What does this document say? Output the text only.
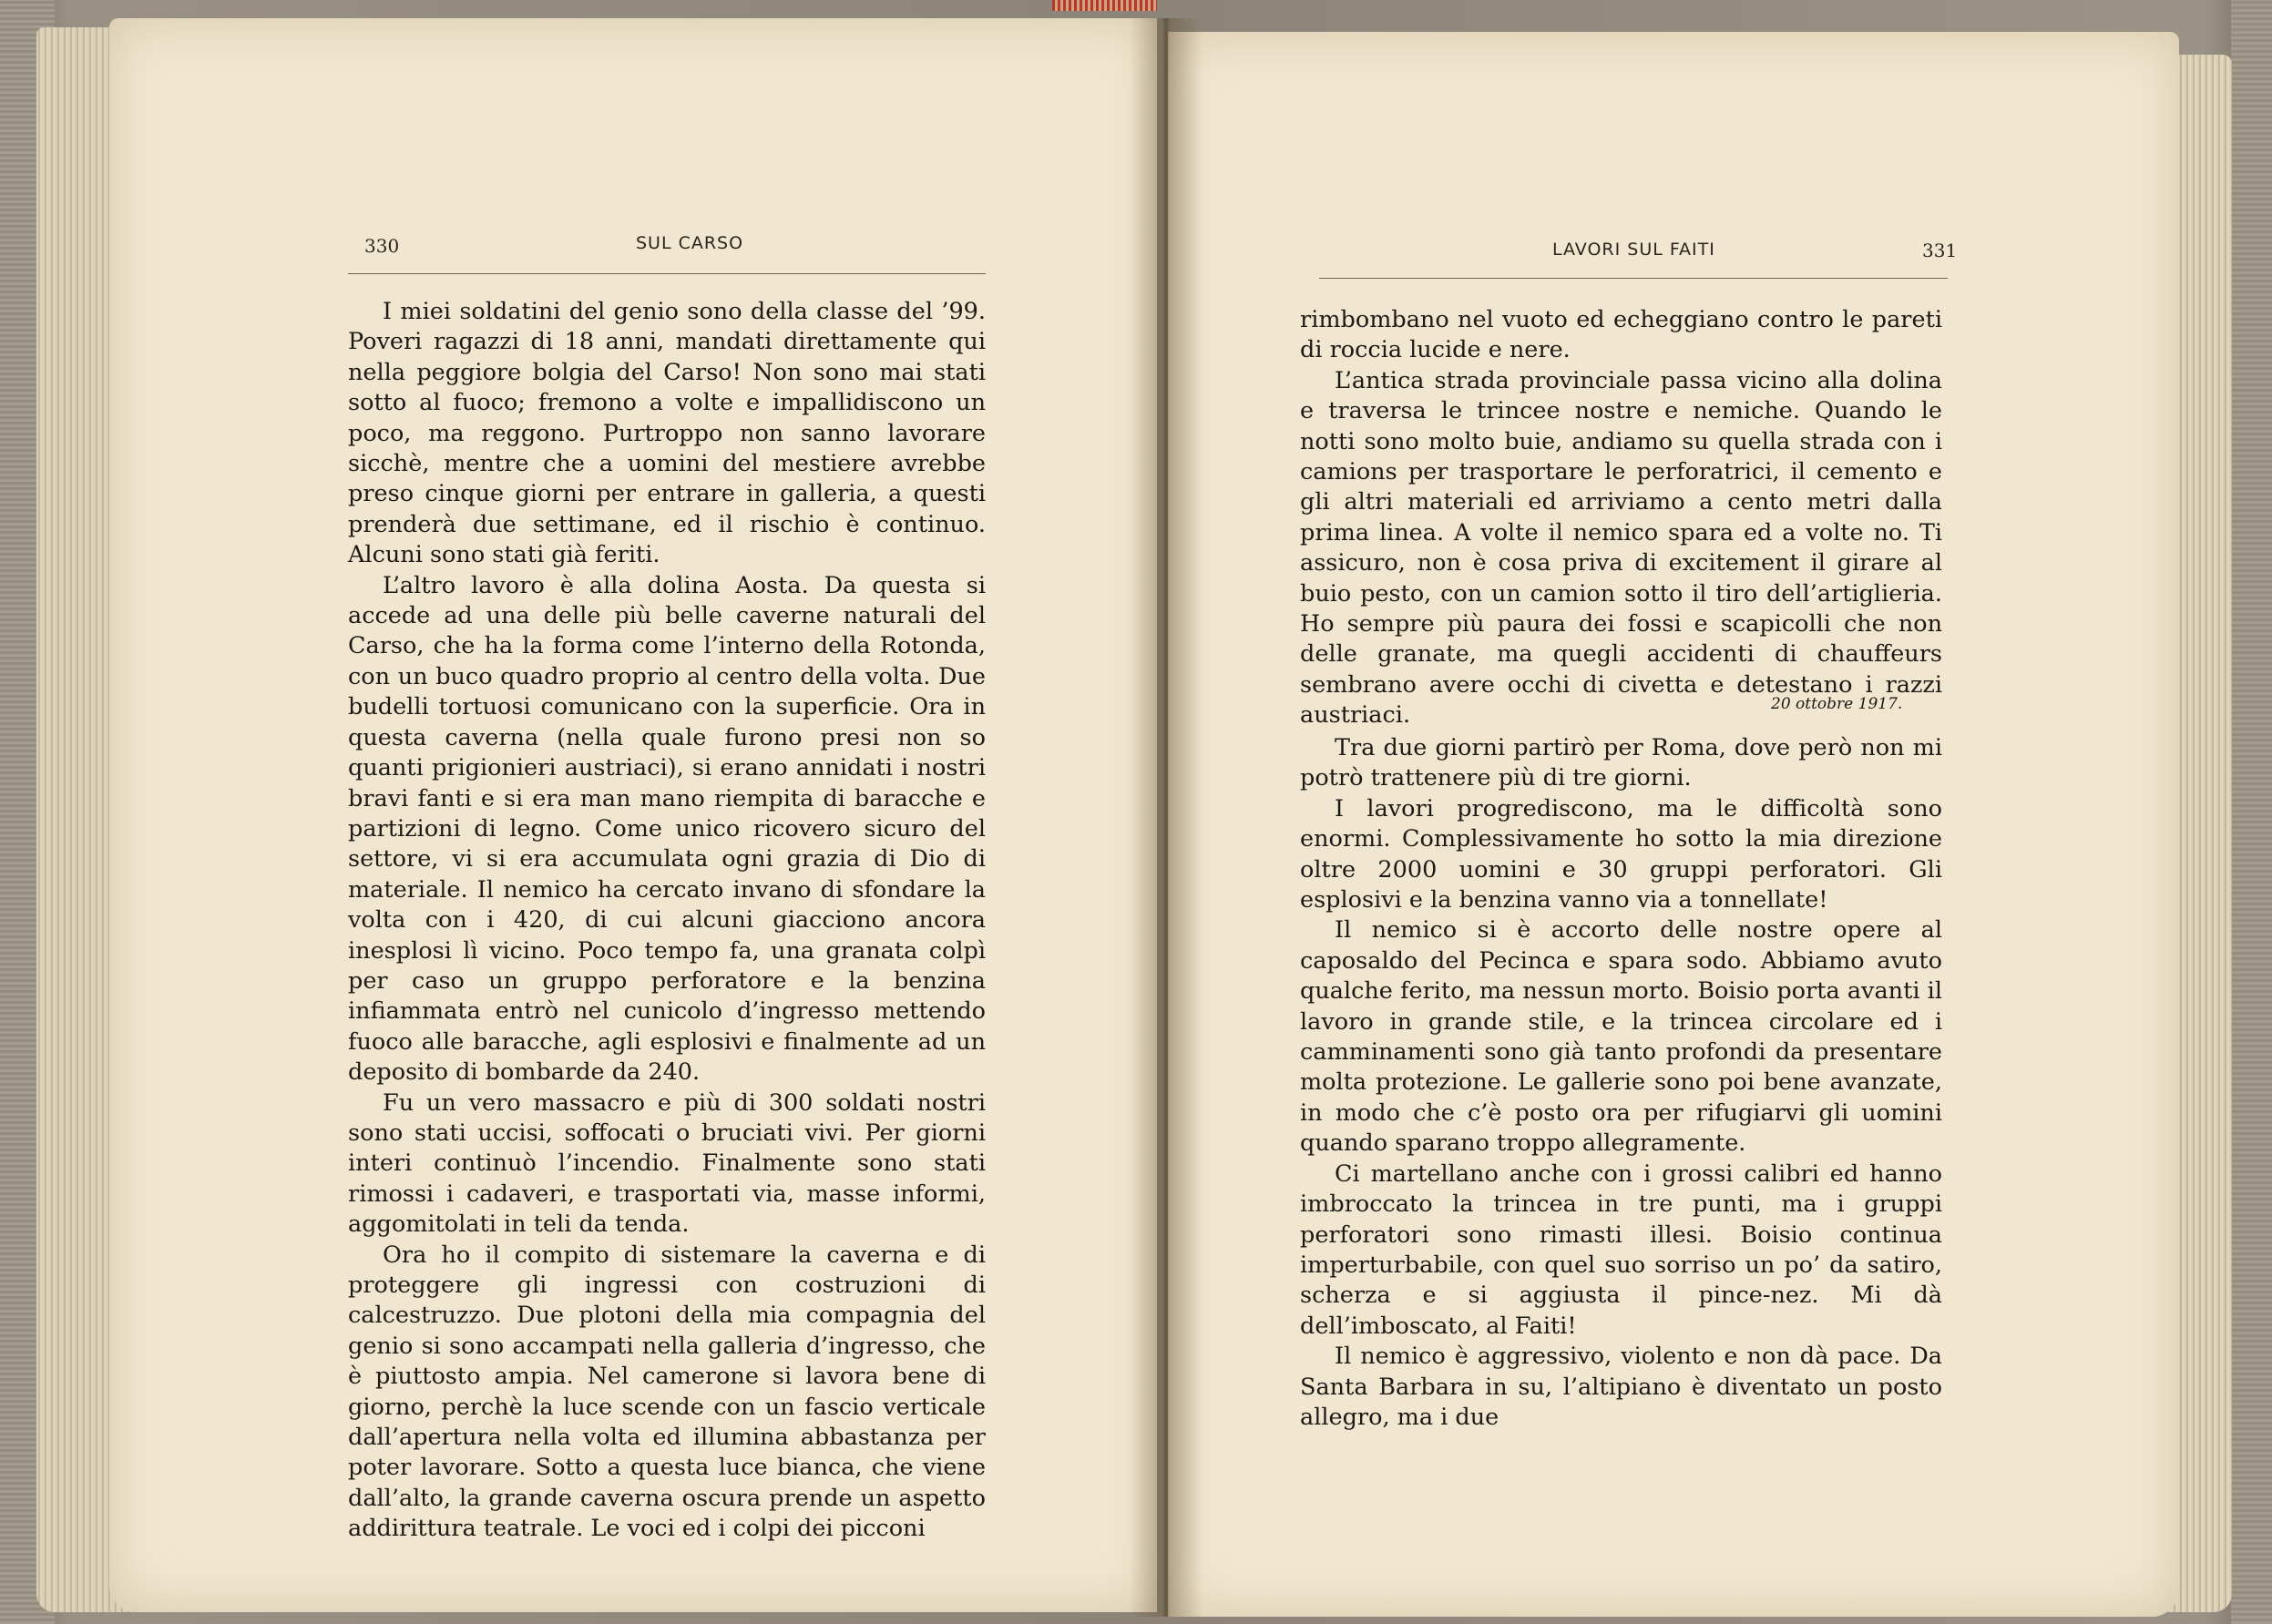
330	SUL CARSO

I miei soldatini del genio sono della classe del ’99. Poveri ragazzi di 18 anni, mandati direttamente qui nella peggiore bolgia del Carso! Non sono mai stati sotto al fuoco; fremono a volte e impallidiscono un poco, ma reggono. Purtroppo non sanno lavorare sicchè, mentre che a uomini del mestiere avrebbe preso cinque giorni per entrare in galleria, a questi prenderà due settimane, ed il rischio è continuo. Alcuni sono stati già feriti.

L’altro lavoro è alla dolina Aosta. Da questa si accede ad una delle più belle caverne naturali del Carso, che ha la forma come l’interno della Rotonda, con un buco quadro proprio al centro della volta. Due budelli tortuosi comunicano con la superficie. Ora in questa caverna (nella quale furono presi non so quanti prigionieri austriaci), si erano annidati i nostri bravi fanti e si era man mano riempita di baracche e partizioni di legno. Come unico ricovero sicuro del settore, vi si era accumulata ogni grazia di Dio di materiale. Il nemico ha cercato invano di sfondare la volta con i 420, di cui alcuni giacciono ancora inesplosi lì vicino. Poco tempo fa, una granata colpì per caso un gruppo perforatore e la benzina infiammata entrò nel cunicolo d’ingresso mettendo fuoco alle baracche, agli esplosivi e finalmente ad un deposito di bombarde da 240.

Fu un vero massacro e più di 300 soldati nostri sono stati uccisi, soffocati o bruciati vivi. Per giorni interi continuò l’incendio. Finalmente sono stati rimossi i cadaveri, e trasportati via, masse informi, aggomitolati in teli da tenda.

Ora ho il compito di sistemare la caverna e di proteggere gli ingressi con costruzioni di calcestruzzo. Due plotoni della mia compagnia del genio si sono accampati nella galleria d’ingresso, che è piuttosto ampia. Nel camerone si lavora bene di giorno, perchè la luce scende con un fascio verticale dall’apertura nella volta ed illumina abbastanza per poter lavorare. Sotto a questa luce bianca, che viene dall’alto, la grande caverna oscura prende un aspetto addirittura teatrale. Le voci ed i colpi dei picconi

LAVORI SUL FAITI	331

rimbombano nel vuoto ed echeggiano contro le pareti di roccia lucide e nere.

L’antica strada provinciale passa vicino alla dolina e traversa le trincee nostre e nemiche. Quando le notti sono molto buie, andiamo su quella strada con i camions per trasportare le perforatrici, il cemento e gli altri materiali ed arriviamo a cento metri dalla prima linea. A volte il nemico spara ed a volte no. Ti assicuro, non è cosa priva di excitement il girare al buio pesto, con un camion sotto il tiro dell’artiglieria. Ho sempre più paura dei fossi e scapicolli che non delle granate, ma quegli accidenti di chauffeurs sembrano avere occhi di civetta e detestano i razzi austriaci.	20 ottobre 1917.

Tra due giorni partirò per Roma, dove però non mi potrò trattenere più di tre giorni.

I lavori progrediscono, ma le difficoltà sono enormi. Complessivamente ho sotto la mia direzione oltre 2000 uomini e 30 gruppi perforatori. Gli esplosivi e la benzina vanno via a tonnellate!

Il nemico si è accorto delle nostre opere al caposaldo del Pecinca e spara sodo. Abbiamo avuto qualche ferito, ma nessun morto. Boisio porta avanti il lavoro in grande stile, e la trincea circolare ed i camminamenti sono già tanto profondi da presentare molta protezione. Le gallerie sono poi bene avanzate, in modo che c’è posto ora per rifugiarvi gli uomini quando sparano troppo allegramente.

Ci martellano anche con i grossi calibri ed hanno imbroccato la trincea in tre punti, ma i gruppi perforatori sono rimasti illesi. Boisio continua imperturbabile, con quel suo sorriso un po’ da satiro, scherza e si aggiusta il pince-nez. Mi dà dell’imboscato, al Faiti!

Il nemico è aggressivo, violento e non dà pace. Da Santa Barbara in su, l’altipiano è diventato un posto allegro, ma i due
